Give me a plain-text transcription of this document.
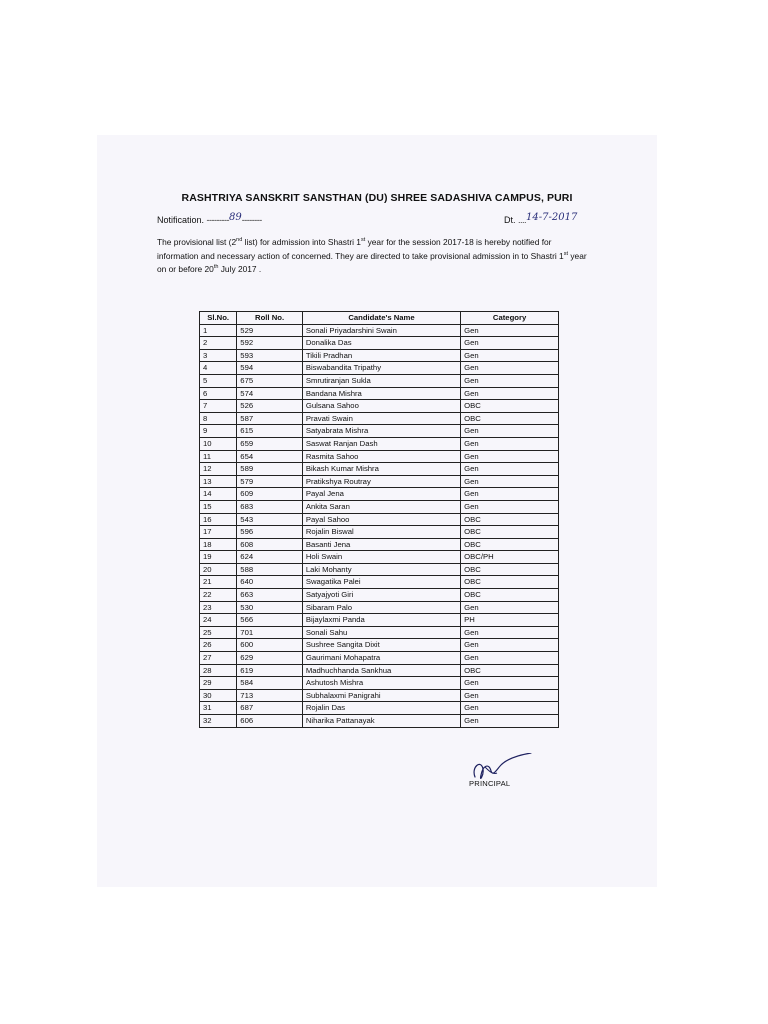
RASHTRIYA SANSKRIT SANSTHAN (DU) SHREE SADASHIVA CAMPUS, PURI
Notification. ---------89--------	Dt. ....14-7-2017
The provisional list (2nd list) for admission into Shastri 1st year for the session 2017-18 is hereby notified for information and necessary action of concerned. They are directed to take provisional admission in to Shastri 1st year on or before 20th July 2017 .
Sl.No.	Roll No.	Candidate's Name	Category
1	529	Sonali Priyadarshini Swain	Gen
2	592	Donalika Das	Gen
3	593	Tikili Pradhan	Gen
4	594	Biswabandita Tripathy	Gen
5	675	Smrutiranjan Sukla	Gen
6	574	Bandana Mishra	Gen
7	526	Gulsana Sahoo	OBC
8	587	Pravati Swain	OBC
9	615	Satyabrata Mishra	Gen
10	659	Saswat Ranjan Dash	Gen
11	654	Rasmita Sahoo	Gen
12	589	Bikash Kumar Mishra	Gen
13	579	Pratikshya Routray	Gen
14	609	Payal Jena	Gen
15	683	Ankita Saran	Gen
16	543	Payal Sahoo	OBC
17	596	Rojalin Biswal	OBC
18	608	Basanti Jena	OBC
19	624	Holi Swain	OBC/PH
20	588	Laki Mohanty	OBC
21	640	Swagatika Palei	OBC
22	663	Satyajyoti Giri	OBC
23	530	Sibaram Palo	Gen
24	566	Bijaylaxmi Panda	PH
25	701	Sonali Sahu	Gen
26	600	Sushree Sangita Dixit	Gen
27	629	Gaurimani Mohapatra	Gen
28	619	Madhuchhanda Sankhua	OBC
29	584	Ashutosh Mishra	Gen
30	713	Subhalaxmi Panigrahi	Gen
31	687	Rojalin Das	Gen
32	606	Niharika Pattanayak	Gen
PRINCIPAL
